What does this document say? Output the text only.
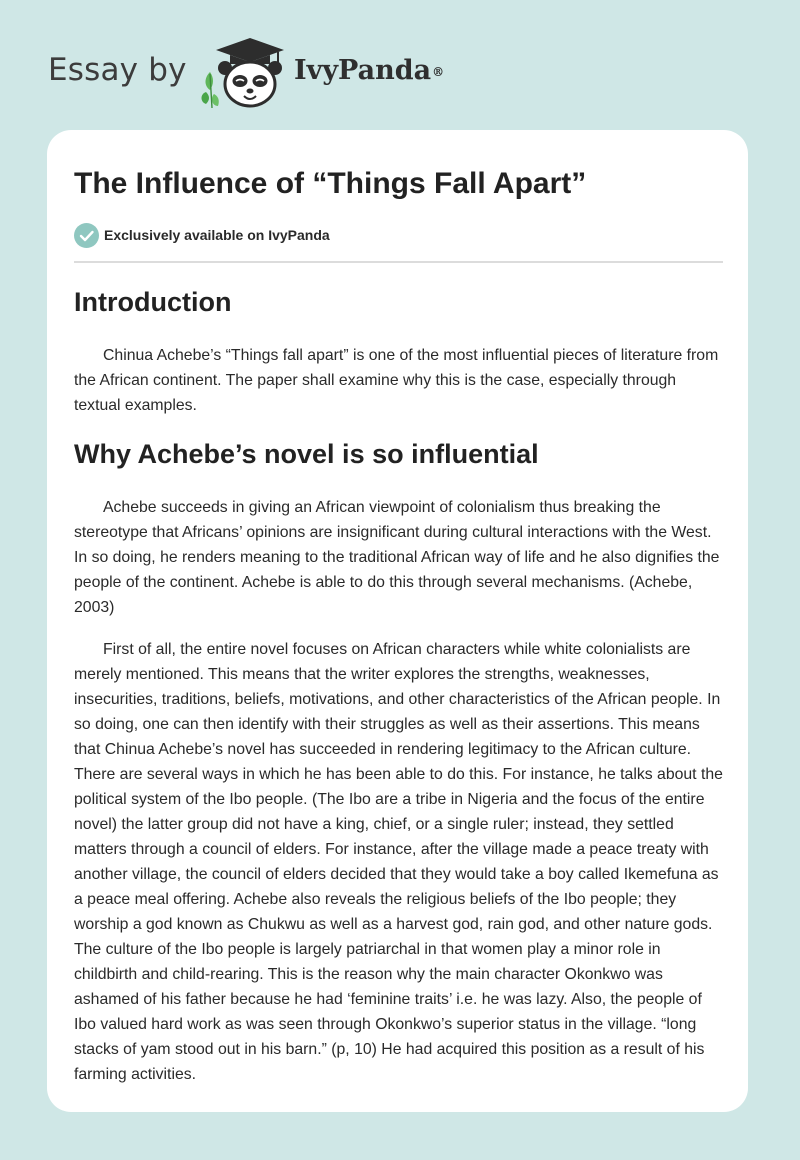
Essay by	IvyPanda®
The Influence of “Things Fall Apart”
Exclusively available on IvyPanda
Introduction

Chinua Achebe’s “Things fall apart” is one of the most influential pieces of literature from the African continent. The paper shall examine why this is the case, especially through textual examples.

Why Achebe’s novel is so influential

Achebe succeeds in giving an African viewpoint of colonialism thus breaking the stereotype that Africans’ opinions are insignificant during cultural interactions with the West. In so doing, he renders meaning to the traditional African way of life and he also dignifies the people of the continent. Achebe is able to do this through several mechanisms. (Achebe, 2003)

First of all, the entire novel focuses on African characters while white colonialists are merely mentioned. This means that the writer explores the strengths, weaknesses, insecurities, traditions, beliefs, motivations, and other characteristics of the African people. In so doing, one can then identify with their struggles as well as their assertions. This means that Chinua Achebe’s novel has succeeded in rendering legitimacy to the African culture. There are several ways in which he has been able to do this. For instance, he talks about the political system of the Ibo people. (The Ibo are a tribe in Nigeria and the focus of the entire novel) the latter group did not have a king, chief, or a single ruler; instead, they settled matters through a council of elders. For instance, after the village made a peace treaty with another village, the council of elders decided that they would take a boy called Ikemefuna as a peace meal offering. Achebe also reveals the religious beliefs of the Ibo people; they worship a god known as Chukwu as well as a harvest god, rain god, and other nature gods. The culture of the Ibo people is largely patriarchal in that women play a minor role in childbirth and child-rearing. This is the reason why the main character Okonkwo was ashamed of his father because he had ‘feminine traits’ i.e. he was lazy. Also, the people of Ibo valued hard work as was seen through Okonkwo’s superior status in the village. “long stacks of yam stood out in his barn.” (p, 10) He had acquired this position as a result of his farming activities.
